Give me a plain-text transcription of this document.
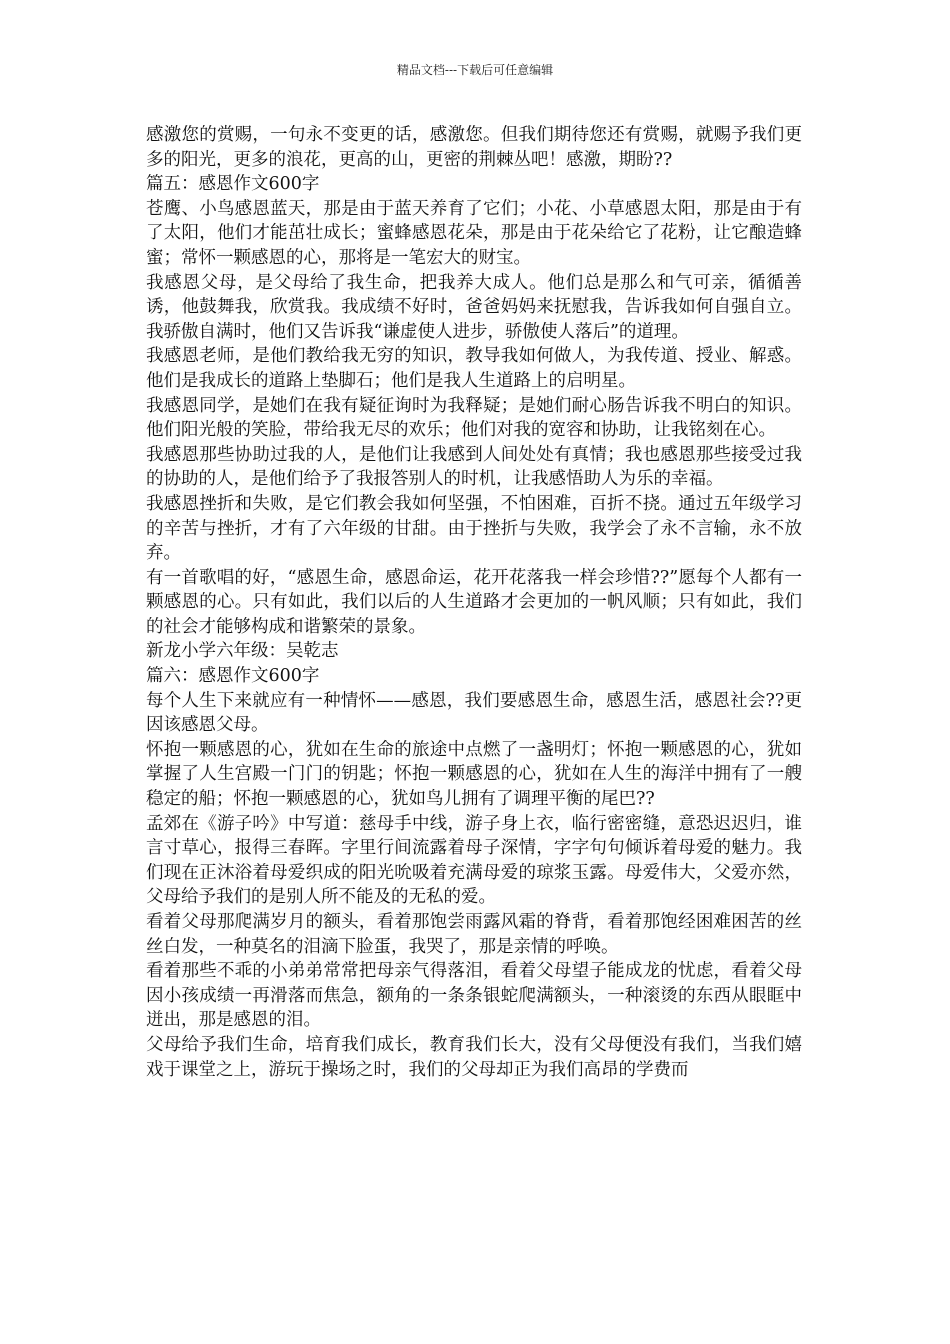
精品文档---下载后可任意编辑

感激您的赏赐，一句永不变更的话，感激您。但我们期待您还有赏赐，就赐予我们更多的阳光，更多的浪花，更高的山，更密的荆棘丛吧！感激，期盼??

篇五：感恩作文600字

苍鹰、小鸟感恩蓝天，那是由于蓝天养育了它们；小花、小草感恩太阳，那是由于有了太阳，他们才能茁壮成长；蜜蜂感恩花朵，那是由于花朵给它了花粉，让它酿造蜂蜜；常怀一颗感恩的心，那将是一笔宏大的财宝。

我感恩父母，是父母给了我生命，把我养大成人。他们总是那么和气可亲，循循善诱，他鼓舞我，欣赏我。我成绩不好时，爸爸妈妈来抚慰我，告诉我如何自强自立。我骄傲自满时，他们又告诉我“谦虚使人进步，骄傲使人落后”的道理。

我感恩老师，是他们教给我无穷的知识，教导我如何做人，为我传道、授业、解惑。他们是我成长的道路上垫脚石；他们是我人生道路上的启明星。

我感恩同学，是她们在我有疑征询时为我释疑；是她们耐心肠告诉我不明白的知识。他们阳光般的笑脸，带给我无尽的欢乐；他们对我的宽容和协助，让我铭刻在心。

我感恩那些协助过我的人，是他们让我感到人间处处有真情；我也感恩那些接受过我的协助的人，是他们给予了我报答别人的时机，让我感悟助人为乐的幸福。

我感恩挫折和失败，是它们教会我如何坚强，不怕困难，百折不挠。通过五年级学习的辛苦与挫折，才有了六年级的甘甜。由于挫折与失败，我学会了永不言输，永不放弃。

有一首歌唱的好，“感恩生命，感恩命运，花开花落我一样会珍惜??”愿每个人都有一颗感恩的心。只有如此，我们以后的人生道路才会更加的一帆风顺；只有如此，我们的社会才能够构成和谐繁荣的景象。

新龙小学六年级：吴乾志

篇六：感恩作文600字

每个人生下来就应有一种情怀——感恩，我们要感恩生命，感恩生活，感恩社会??更因该感恩父母。

怀抱一颗感恩的心，犹如在生命的旅途中点燃了一盏明灯；怀抱一颗感恩的心，犹如掌握了人生宫殿一门门的钥匙；怀抱一颗感恩的心，犹如在人生的海洋中拥有了一艘稳定的船；怀抱一颗感恩的心，犹如鸟儿拥有了调理平衡的尾巴??

孟郊在《游子吟》中写道：慈母手中线，游子身上衣，临行密密缝，意恐迟迟归，谁言寸草心，报得三春晖。字里行间流露着母子深情，字字句句倾诉着母爱的魅力。我们现在正沐浴着母爱织成的阳光吮吸着充满母爱的琼浆玉露。母爱伟大，父爱亦然，父母给予我们的是别人所不能及的无私的爱。

看着父母那爬满岁月的额头，看着那饱尝雨露风霜的脊背，看着那饱经困难困苦的丝丝白发，一种莫名的泪滴下脸蛋，我哭了，那是亲情的呼唤。

看着那些不乖的小弟弟常常把母亲气得落泪，看着父母望子能成龙的忧虑，看着父母因小孩成绩一再滑落而焦急，额角的一条条银蛇爬满额头，一种滚烫的东西从眼眶中迸出，那是感恩的泪。

父母给予我们生命，培育我们成长，教育我们长大，没有父母便没有我们，当我们嬉戏于课堂之上，游玩于操场之时，我们的父母却正为我们高昂的学费而
